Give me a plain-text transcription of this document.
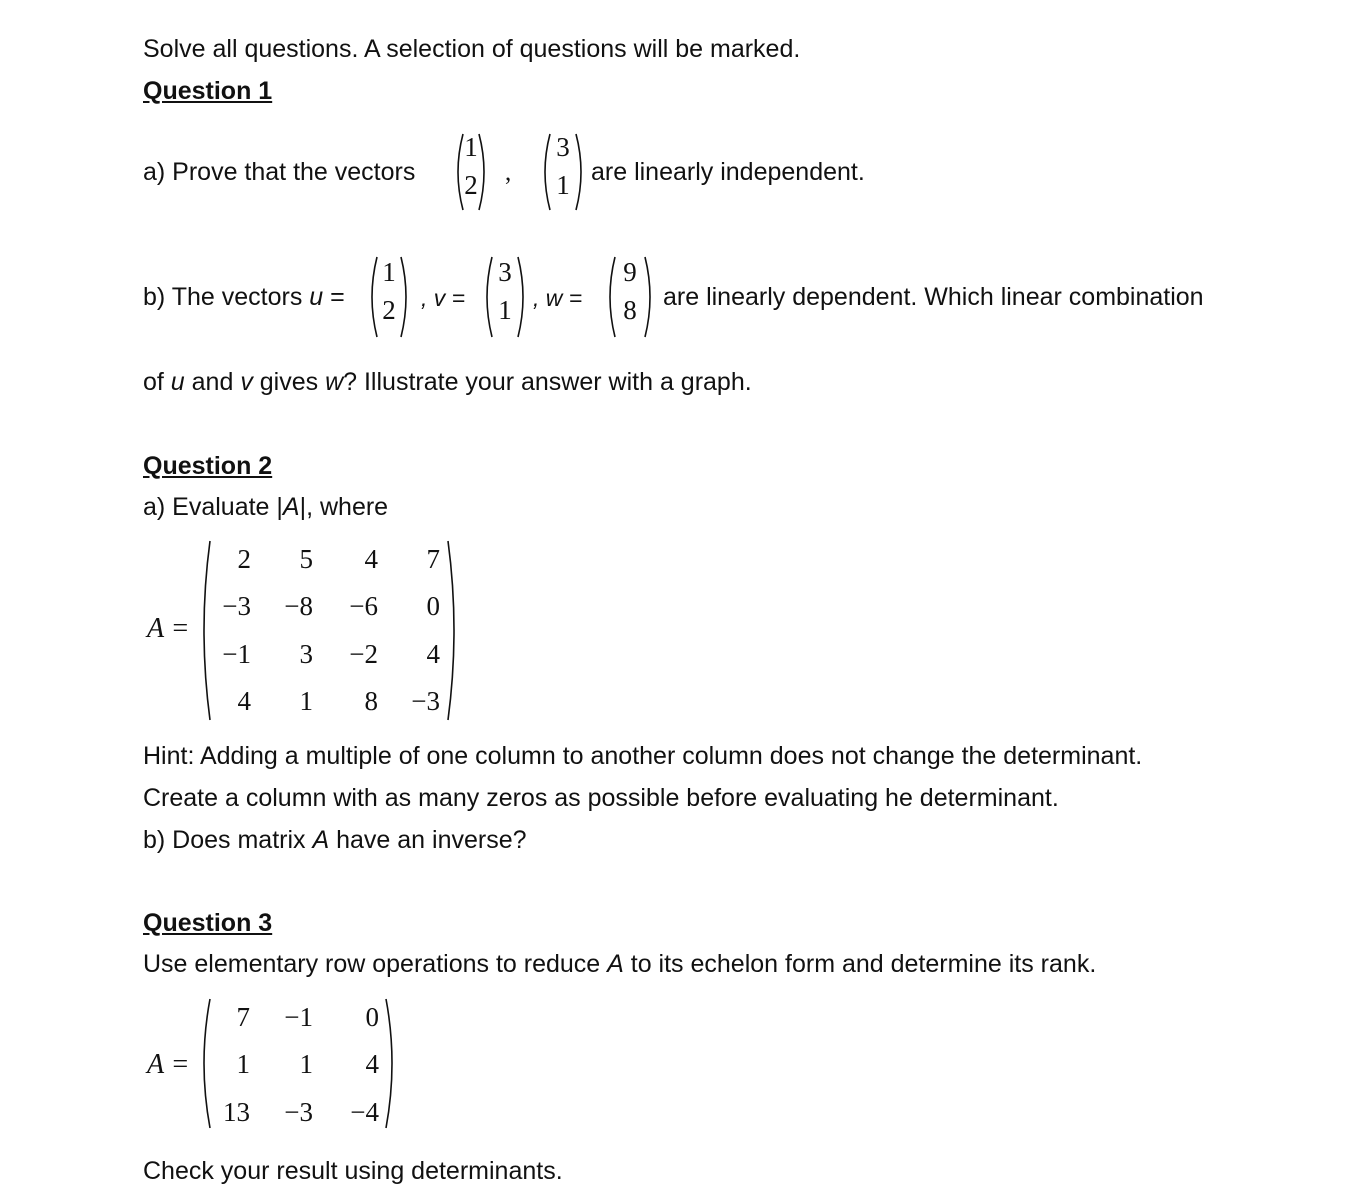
Solve all questions. A selection of questions will be marked.
Question 1
a) Prove that the vectors
1
2 ,
3
1 are linearly independent.
b) The vectors u =
1
2 , v =
3
1 , w =
9
8 are linearly dependent. Which linear combination
of u and v gives w? Illustrate your answer with a graph.
Question 2
a) Evaluate |A|, where
A =
2	5	4	7
−3	−8	−6	0
−1	3	−2	4
4	1	8	−3
Hint: Adding a multiple of one column to another column does not change the determinant.
Create a column with as many zeros as possible before evaluating he determinant.
b) Does matrix A have an inverse?
Question 3
Use elementary row operations to reduce A to its echelon form and determine its rank.
A =
7	−1	0
1	1	4
13	−3	−4
Check your result using determinants.
